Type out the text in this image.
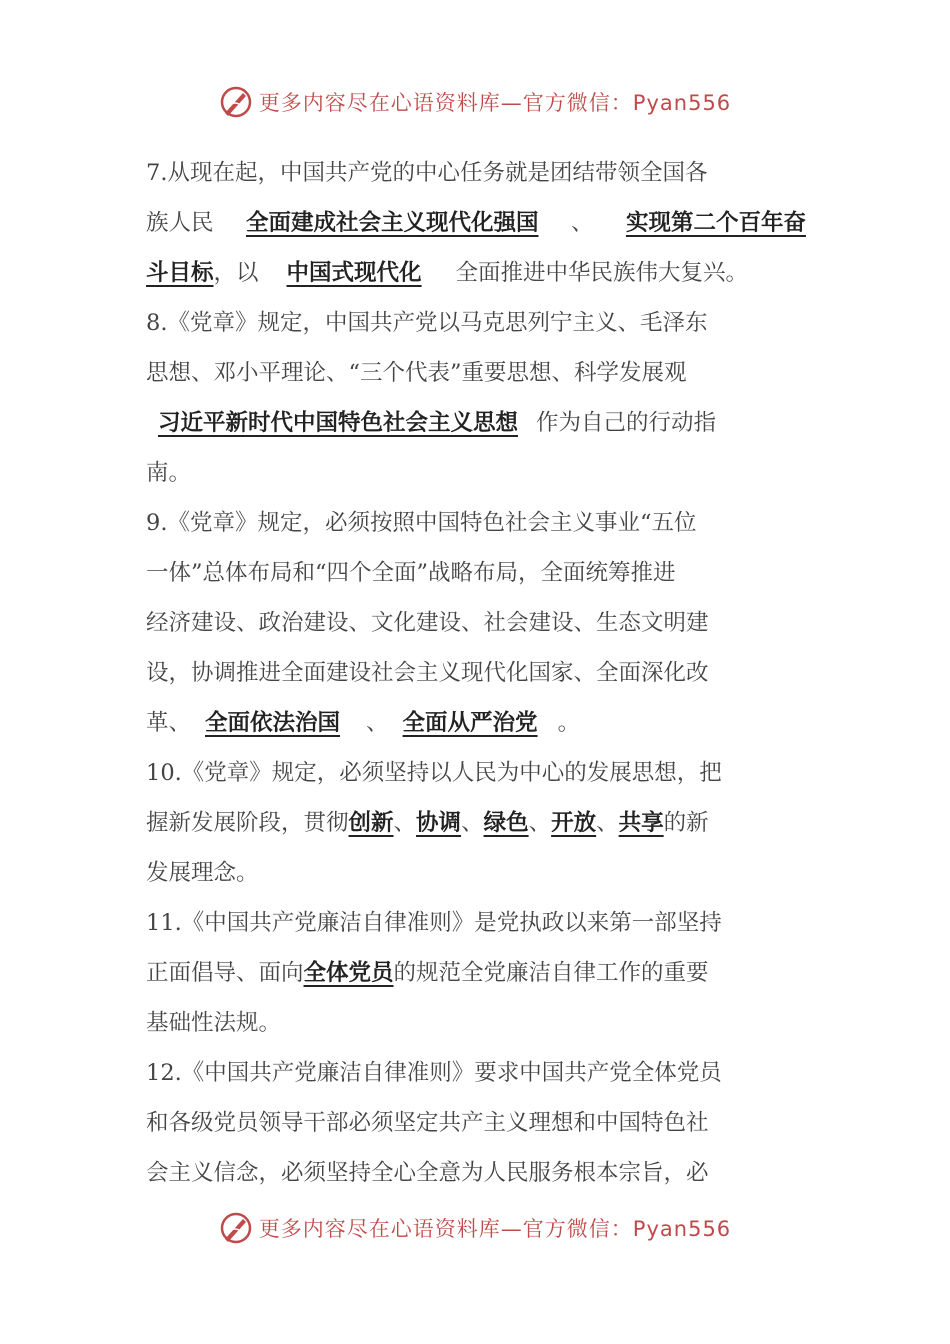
更多内容尽在心语资料库—官方微信：Pyan556
7.从现在起，中国共产党的中心任务就是团结带领全国各
族人民 全面建成社会主义现代化强国 、 实现第二个百年奋
斗目标 ，以	中国式现代化	全面推进中华民族伟大复兴。
8.《党章》规定，中国共产党以马克思列宁主义、毛泽东
思想、邓小平理论、“三个代表”重要思想、科学发展观
习近平新时代中国特色社会主义思想 作为自己的行动指
南。
9.《党章》规定，必须按照中国特色社会主义事业“五位
一体”总体布局和“四个全面”战略布局，全面统筹推进
经济建设、政治建设、文化建设、社会建设、生态文明建
设，协调推进全面建设社会主义现代化国家、全面深化改
革、 全面依法治国	、 全面从严治党 。
10.《党章》规定，必须坚持以人民为中心的发展思想，把
握新发展阶段，贯彻 创新 、 协调 、 绿色 、 开放 、 共享 的新
发展理念。
11.《中国共产党廉洁自律准则》是党执政以来第一部坚持
正面倡导、面向 全体党员 的规范全党廉洁自律工作的重要
基础性法规。
12.《中国共产党廉洁自律准则》要求中国共产党全体党员
和各级党员领导干部必须坚定共产主义理想和中国特色社
会主义信念，必须坚持全心全意为人民服务根本宗旨，必
更多内容尽在心语资料库—官方微信：Pyan556
